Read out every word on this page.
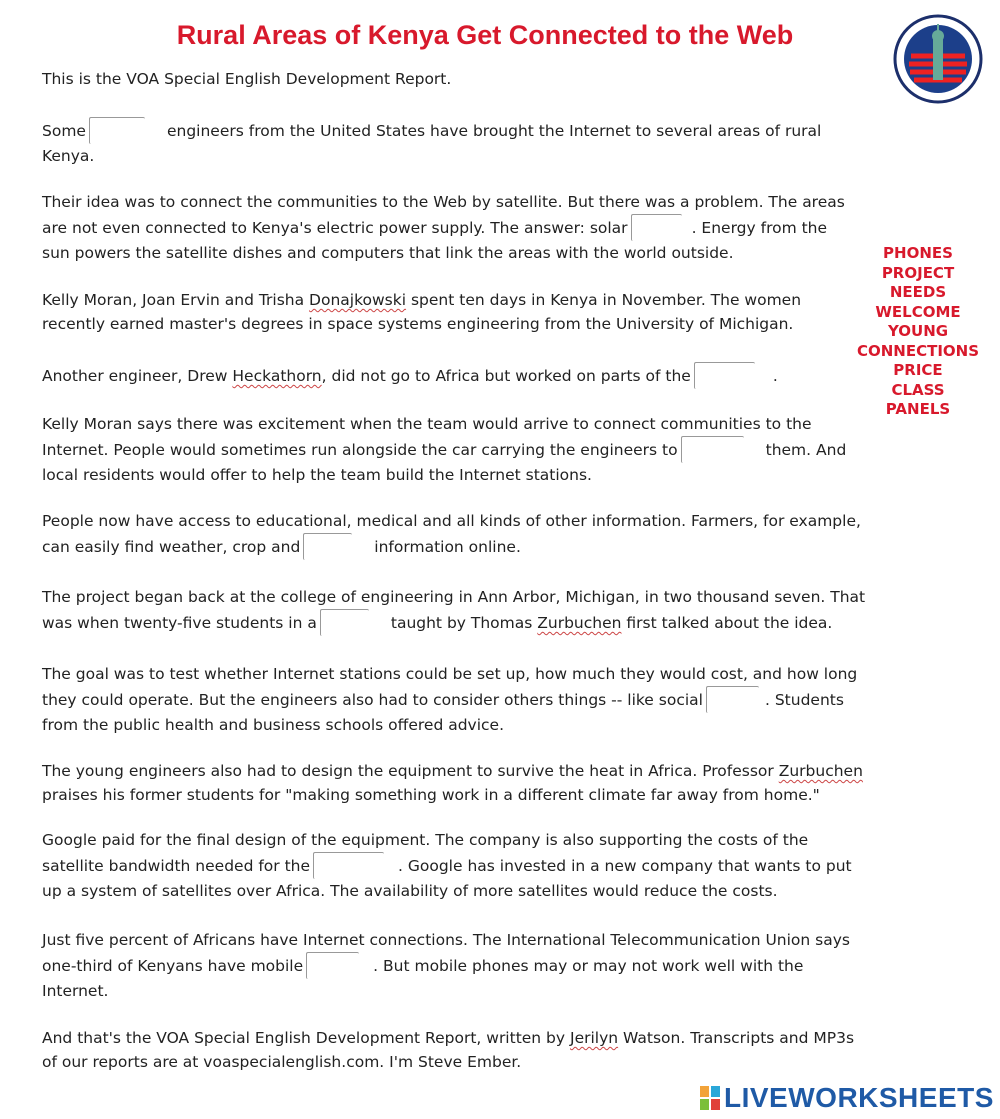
Rural Areas of Kenya Get Connected to the Web

This is the VOA Special English Development Report.

Some	engineers from the United States have brought the Internet to several areas of rural
Kenya.

Their idea was to connect the communities to the Web by satellite. But there was a problem. The areas
are not even connected to Kenya's electric power supply. The answer: solar	. Energy from the
sun powers the satellite dishes and computers that link the areas with the world outside.

Kelly Moran, Joan Ervin and Trisha Donajkowski spent ten days in Kenya in November. The women
recently earned master's degrees in space systems engineering from the University of Michigan.

Another engineer, Drew Heckathorn, did not go to Africa but worked on parts of the	.

Kelly Moran says there was excitement when the team would arrive to connect communities to the
Internet. People would sometimes run alongside the car carrying the engineers to	them. And
local residents would offer to help the team build the Internet stations.

People now have access to educational, medical and all kinds of other information. Farmers, for example,
can easily find weather, crop and	information online.

The project began back at the college of engineering in Ann Arbor, Michigan, in two thousand seven. That
was when twenty-five students in a	taught by Thomas Zurbuchen first talked about the idea.

The goal was to test whether Internet stations could be set up, how much they would cost, and how long
they could operate. But the engineers also had to consider others things -- like social	. Students
from the public health and business schools offered advice.

The young engineers also had to design the equipment to survive the heat in Africa. Professor Zurbuchen
praises his former students for "making something work in a different climate far away from home."

Google paid for the final design of the equipment. The company is also supporting the costs of the
satellite bandwidth needed for the	. Google has invested in a new company that wants to put
up a system of satellites over Africa. The availability of more satellites would reduce the costs.

Just five percent of Africans have Internet connections. The International Telecommunication Union says
one-third of Kenyans have mobile	. But mobile phones may or may not work well with the
Internet.

And that's the VOA Special English Development Report, written by Jerilyn Watson. Transcripts and MP3s
of our reports are at voaspecialenglish.com. I'm Steve Ember.

PHONES
PROJECT
NEEDS
WELCOME
YOUNG
CONNECTIONS
PRICE
CLASS
PANELS
LIVEWORKSHEETS
